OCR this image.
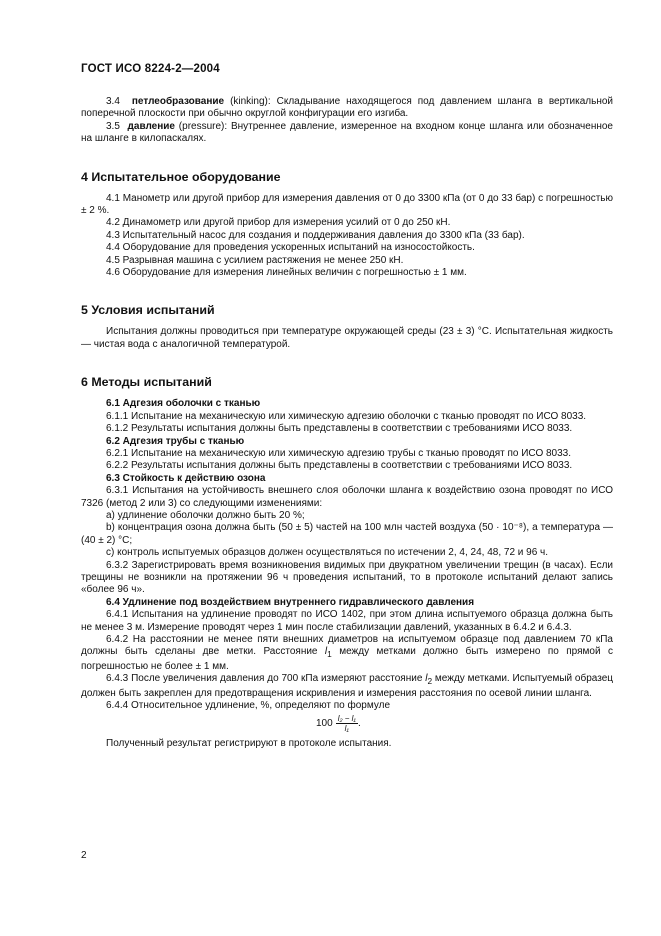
ГОСТ ИСО 8224-2—2004

3.4 петлеобразование (kinking): Складывание находящегося под давлением шланга в вертикальной поперечной плоскости при обычно округлой конфигурации его изгиба.

3.5 давление (pressure): Внутреннее давление, измеренное на входном конце шланга или обозначенное на шланге в килопаскалях.

4 Испытательное оборудование

4.1 Манометр или другой прибор для измерения давления от 0 до 3300 кПа (от 0 до 33 бар) с погрешностью ± 2 %.

4.2 Динамометр или другой прибор для измерения усилий от 0 до 250 кН.

4.3 Испытательный насос для создания и поддерживания давления до 3300 кПа (33 бар).

4.4 Оборудование для проведения ускоренных испытаний на износостойкость.

4.5 Разрывная машина с усилием растяжения не менее 250 кН.

4.6 Оборудование для измерения линейных величин с погрешностью ± 1 мм.

5 Условия испытаний

Испытания должны проводиться при температуре окружающей среды (23 ± 3) °С. Испытательная жидкость — чистая вода с аналогичной температурой.

6 Методы испытаний

6.1 Адгезия оболочки с тканью

6.1.1 Испытание на механическую или химическую адгезию оболочки с тканью проводят по ИСО 8033.

6.1.2 Результаты испытания должны быть представлены в соответствии с требованиями ИСО 8033.

6.2 Адгезия трубы с тканью

6.2.1 Испытание на механическую или химическую адгезию трубы с тканью проводят по ИСО 8033.

6.2.2 Результаты испытания должны быть представлены в соответствии с требованиями ИСО 8033.

6.3 Стойкость к действию озона

6.3.1 Испытания на устойчивость внешнего слоя оболочки шланга к воздействию озона проводят по ИСО 7326 (метод 2 или 3) со следующими изменениями:

a) удлинение оболочки должно быть 20 %;

b) концентрация озона должна быть (50 ± 5) частей на 100 млн частей воздуха (50 · 10⁻⁸), а температура — (40 ± 2) °С;

c) контроль испытуемых образцов должен осуществляться по истечении 2, 4, 24, 48, 72 и 96 ч.

6.3.2 Зарегистрировать время возникновения видимых при двукратном увеличении трещин (в часах). Если трещины не возникли на протяжении 96 ч проведения испытаний, то в протоколе испытаний делают запись «более 96 ч».

6.4 Удлинение под воздействием внутреннего гидравлического давления

6.4.1 Испытания на удлинение проводят по ИСО 1402, при этом длина испытуемого образца должна быть не менее 3 м. Измерение проводят через 1 мин после стабилизации давлений, указанных в 6.4.2 и 6.4.3.

6.4.2 На расстоянии не менее пяти внешних диаметров на испытуемом образце под давлением 70 кПа должны быть сделаны две метки. Расстояние $l_1$ между метками должно быть измерено по прямой с погрешностью не более ± 1 мм.

6.4.3 После увеличения давления до 700 кПа измеряют расстояние $l_2$ между метками. Испытуемый образец должен быть закреплен для предотвращения искривления и измерения расстояния по осевой линии шланга.

6.4.4 Относительное удлинение, %, определяют по формуле

$100 \frac{\text{l₂ − l₁}}{\text{l₁}}$ .

Полученный результат регистрируют в протоколе испытания.

2
